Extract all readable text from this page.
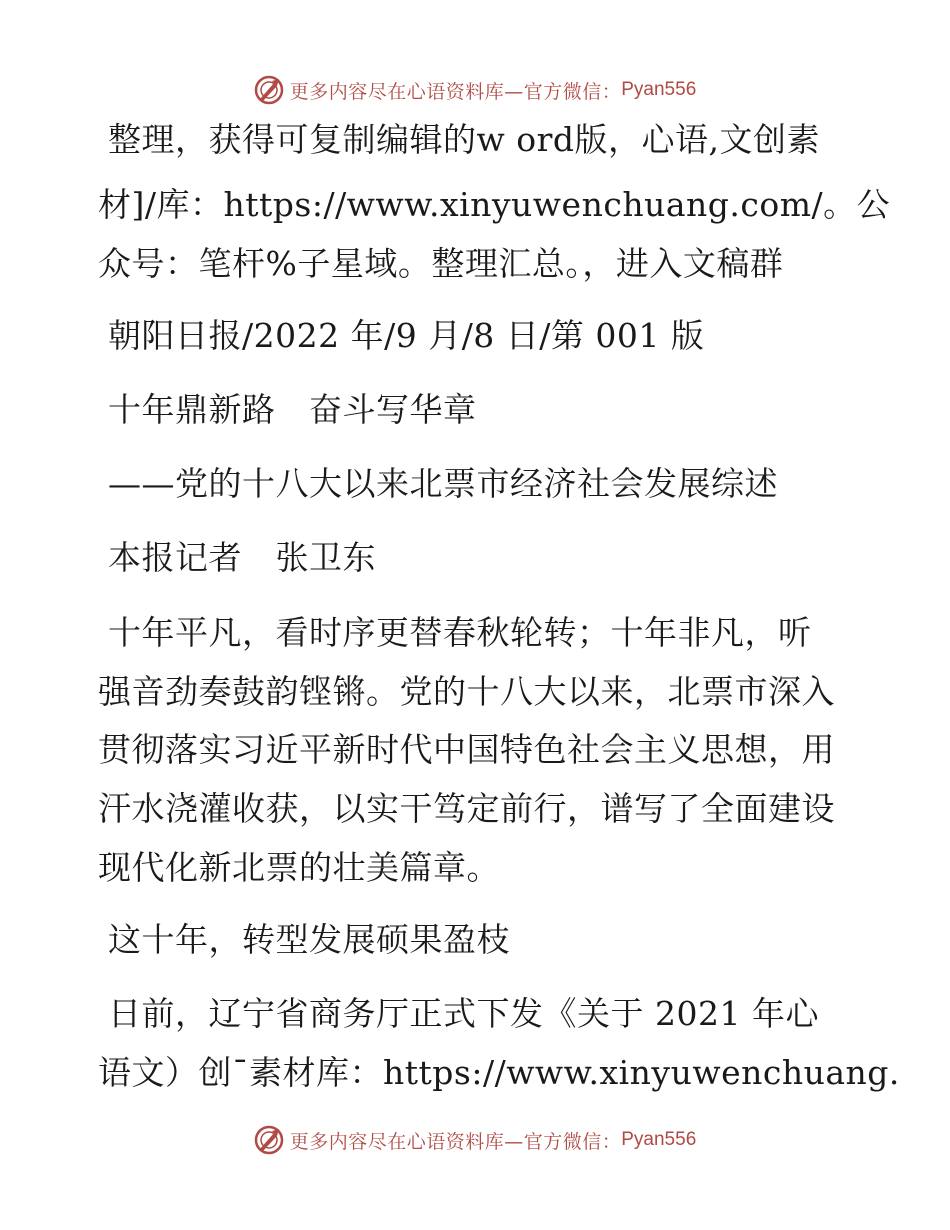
更多内容尽在心语资料库—官方微信： Pyan556
整理，获得可复制编辑的w ord版，心语,文创素
材]/库：https://www.xinyuwenchuang.com/。公
众号：笔杆%子星域。整理汇总。，进入文稿群
朝阳日报/2022 年/9 月/8 日/第 001 版
十年鼎新路　奋斗写华章
——党的十八大以来北票市经济社会发展综述
本报记者　张卫东
十年平凡，看时序更替春秋轮转；十年非凡，听
强音劲奏鼓韵铿锵。党的十八大以来，北票市深入
贯彻落实习近平新时代中国特色社会主义思想，用
汗水浇灌收获，以实干笃定前行，谱写了全面建设
现代化新北票的壮美篇章。
这十年，转型发展硕果盈枝
日前，辽宁省商务厅正式下发《关于 2021 年心
语文）创¯素材库：https://www.xinyuwenchuang.
更多内容尽在心语资料库—官方微信： Pyan556
